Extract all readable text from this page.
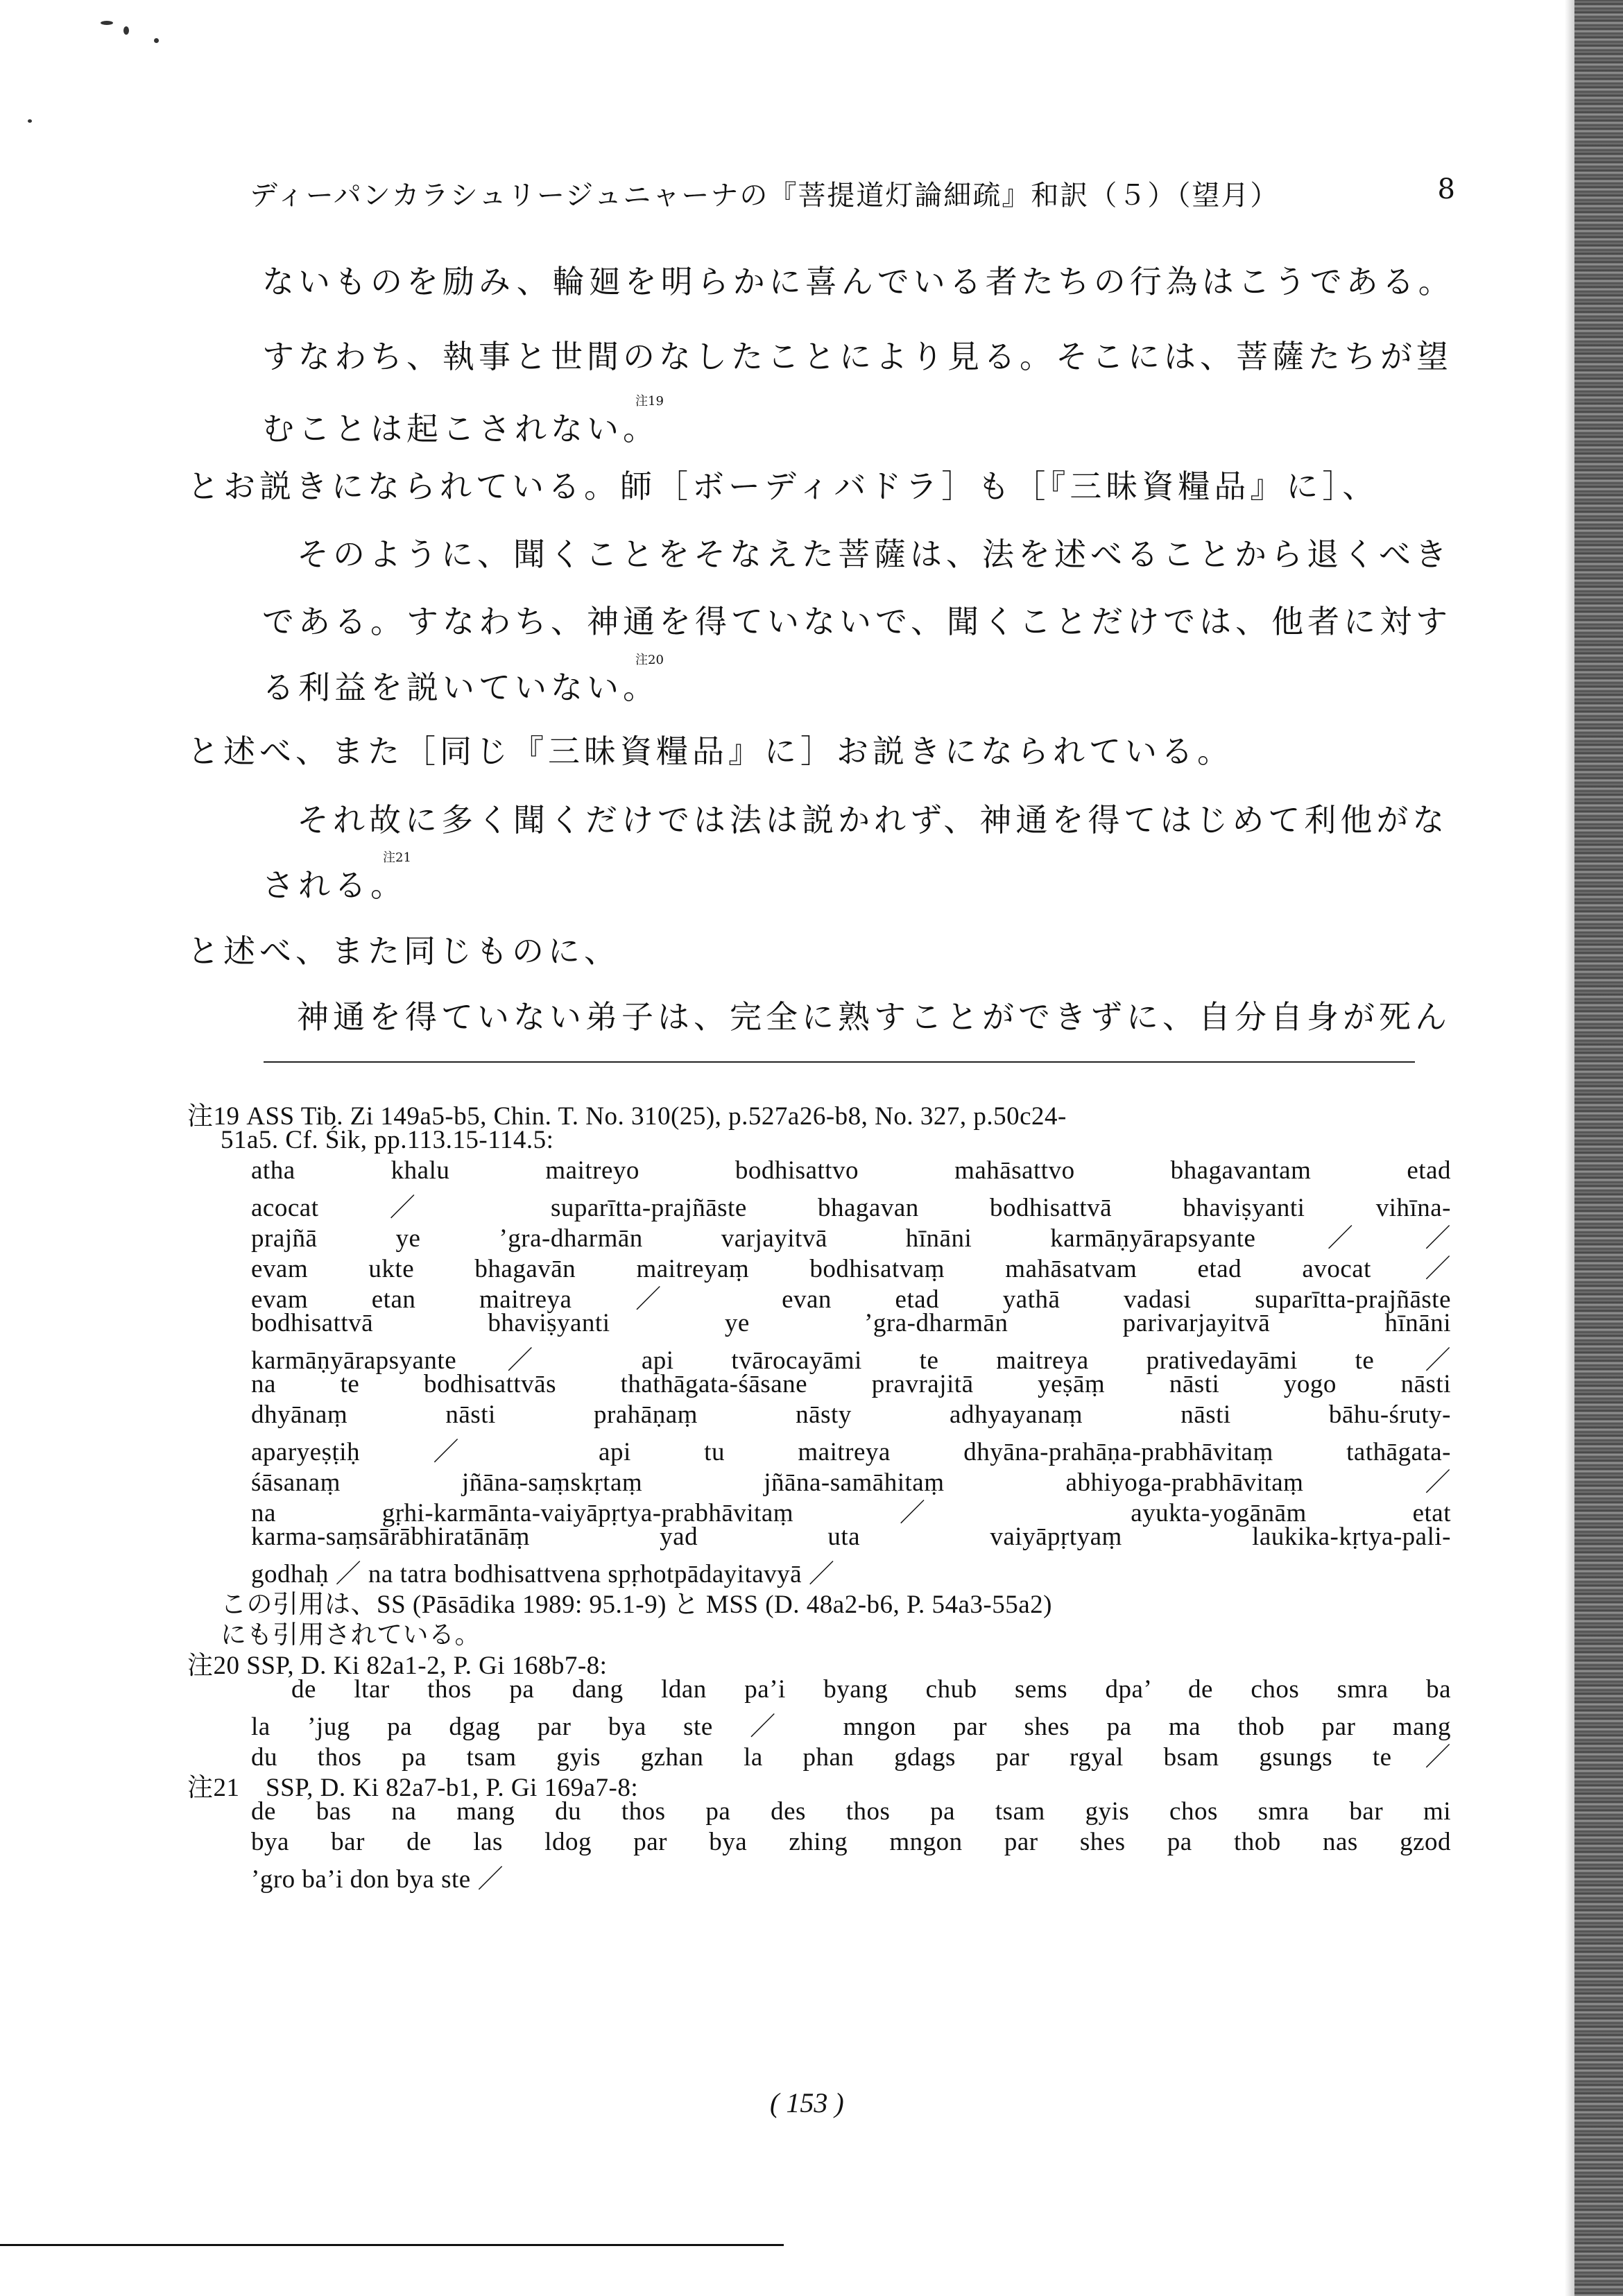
ディーパンカラシュリージュニャーナの『菩提道灯論細疏』和訳（５）（望月）	8
ないものを励み、輪廻を明らかに喜んでいる者たちの行為はこうである。
すなわち、執事と世間のなしたことにより見る。そこには、菩薩たちが望
むことは起こされない。$^{注19}$
とお説きになられている。師［ボーディバドラ］も［『三昧資糧品』に］、
そのように、聞くことをそなえた菩薩は、法を述べることから退くべき
である。すなわち、神通を得ていないで、聞くことだけでは、他者に対す
る利益を説いていない。$^{注20}$
と述べ、また［同じ『三昧資糧品』に］お説きになられている。
それ故に多く聞くだけでは法は説かれず、神通を得てはじめて利他がな
される。$^{注21}$
と述べ、また同じものに、
神通を得ていない弟子は、完全に熟すことができずに、自分自身が死ん
注19 ASS Tib. Zi 149a5-b5, Chin. T. No. 310(25), p.527a26-b8, No. 327, p.50c24-
51a5. Cf. Śik, pp.113.15-114.5:
atha khalu maitreyo bodhisattvo mahāsattvo bhagavantam etad
acocat ／ suparītta-prajñāste bhagavan bodhisattvā bhaviṣyanti vihīna-
prajñā ye ’gra-dharmān varjayitvā hīnāni karmāṇyārapsyante／／
evam ukte bhagavān maitreyaṃ bodhisatvaṃ mahāsatvam etad avocat／
evam etan maitreya ／ evan etad yathā vadasi suparītta-prajñāste
bodhisattvā bhaviṣyanti ye ’gra-dharmān parivarjayitvā hīnāni
karmāṇyārapsyante／ api tvārocayāmi te maitreya prativedayāmi te／
na te bodhisattvās thathāgata-śāsane pravrajitā yeṣāṃ nāsti yogo nāsti
dhyānaṃ nāsti prahāṇaṃ nāsty adhyayanaṃ nāsti bāhu-śruty-
aparyeṣṭiḥ ／ api tu maitreya dhyāna-prahāṇa-prabhāvitaṃ tathāgata-
śāsanaṃ jñāna-saṃskṛtaṃ jñāna-samāhitaṃ abhiyoga-prabhāvitaṃ ／
na gṛhi-karmānta-vaiyāpṛtya-prabhāvitaṃ ／ ayukta-yogānām etat
karma-saṃsārābhiratānāṃ yad uta vaiyāpṛtyaṃ laukika-kṛtya-pali-
godhaḥ ／ na tatra bodhisattvena spṛhotpādayitavyā ／
この引用は、SS (Pāsādika 1989: 95.1-9) と MSS (D. 48a2-b6, P. 54a3-55a2)
にも引用されている。
注20 SSP, D. Ki 82a1-2, P. Gi 168b7-8:
de ltar thos pa dang ldan pa’i byang chub sems dpa’ de chos smra ba
la ’jug pa dgag par bya ste ／ mngon par shes pa ma thob par mang
du thos pa tsam gyis gzhan la phan gdags par rgyal bsam gsungs te／
注21　SSP, D. Ki 82a7-b1, P. Gi 169a7-8:
de bas na mang du thos pa des thos pa tsam gyis chos smra bar mi
bya bar de las ldog par bya zhing mngon par shes pa thob nas gzod
’gro ba’i don bya ste ／
( 153 )
